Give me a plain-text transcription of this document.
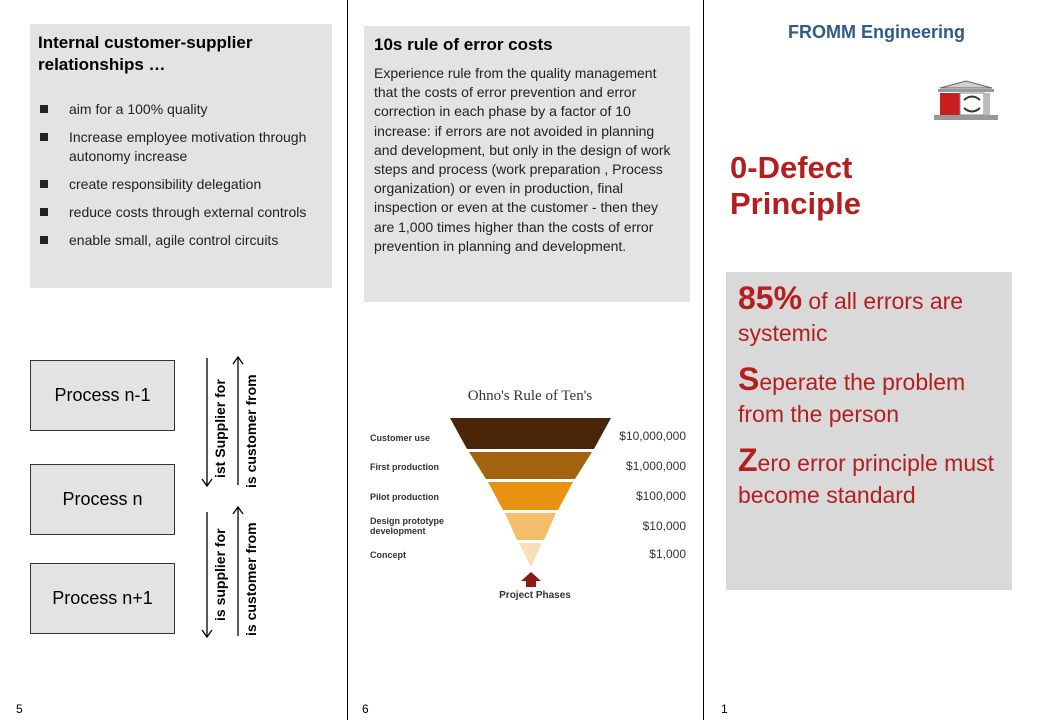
Internal customer-supplier relationships …
aim for a 100% quality
Increase employee motivation through autonomy increase
create responsibility delegation
reduce costs through external controls
enable small, agile control circuits
Process n-1
Process n
Process n+1
ist Supplier for is customer from
is supplier for is customer from
5
10s rule of error costs

Experience rule from the quality management that the costs of error prevention and error correction in each phase by a factor of 10 increase: if errors are not avoided in planning and development, but only in the design of work steps and process (work preparation , Process organization) or even in production, final inspection or even at the customer - then they are 1,000 times higher than the costs of error prevention in planning and development.

Ohno's Rule of Ten's
Customer use
First production
Pilot production
Design prototype development
Concept
$10,000,000
$1,000,000
$100,000
$10,000
$1,000
Project Phases
6
FROMM Engineering
0-Defect
Principle
85% of all errors are systemic
Seperate the problem from the person
Zero error principle must become standard
1
